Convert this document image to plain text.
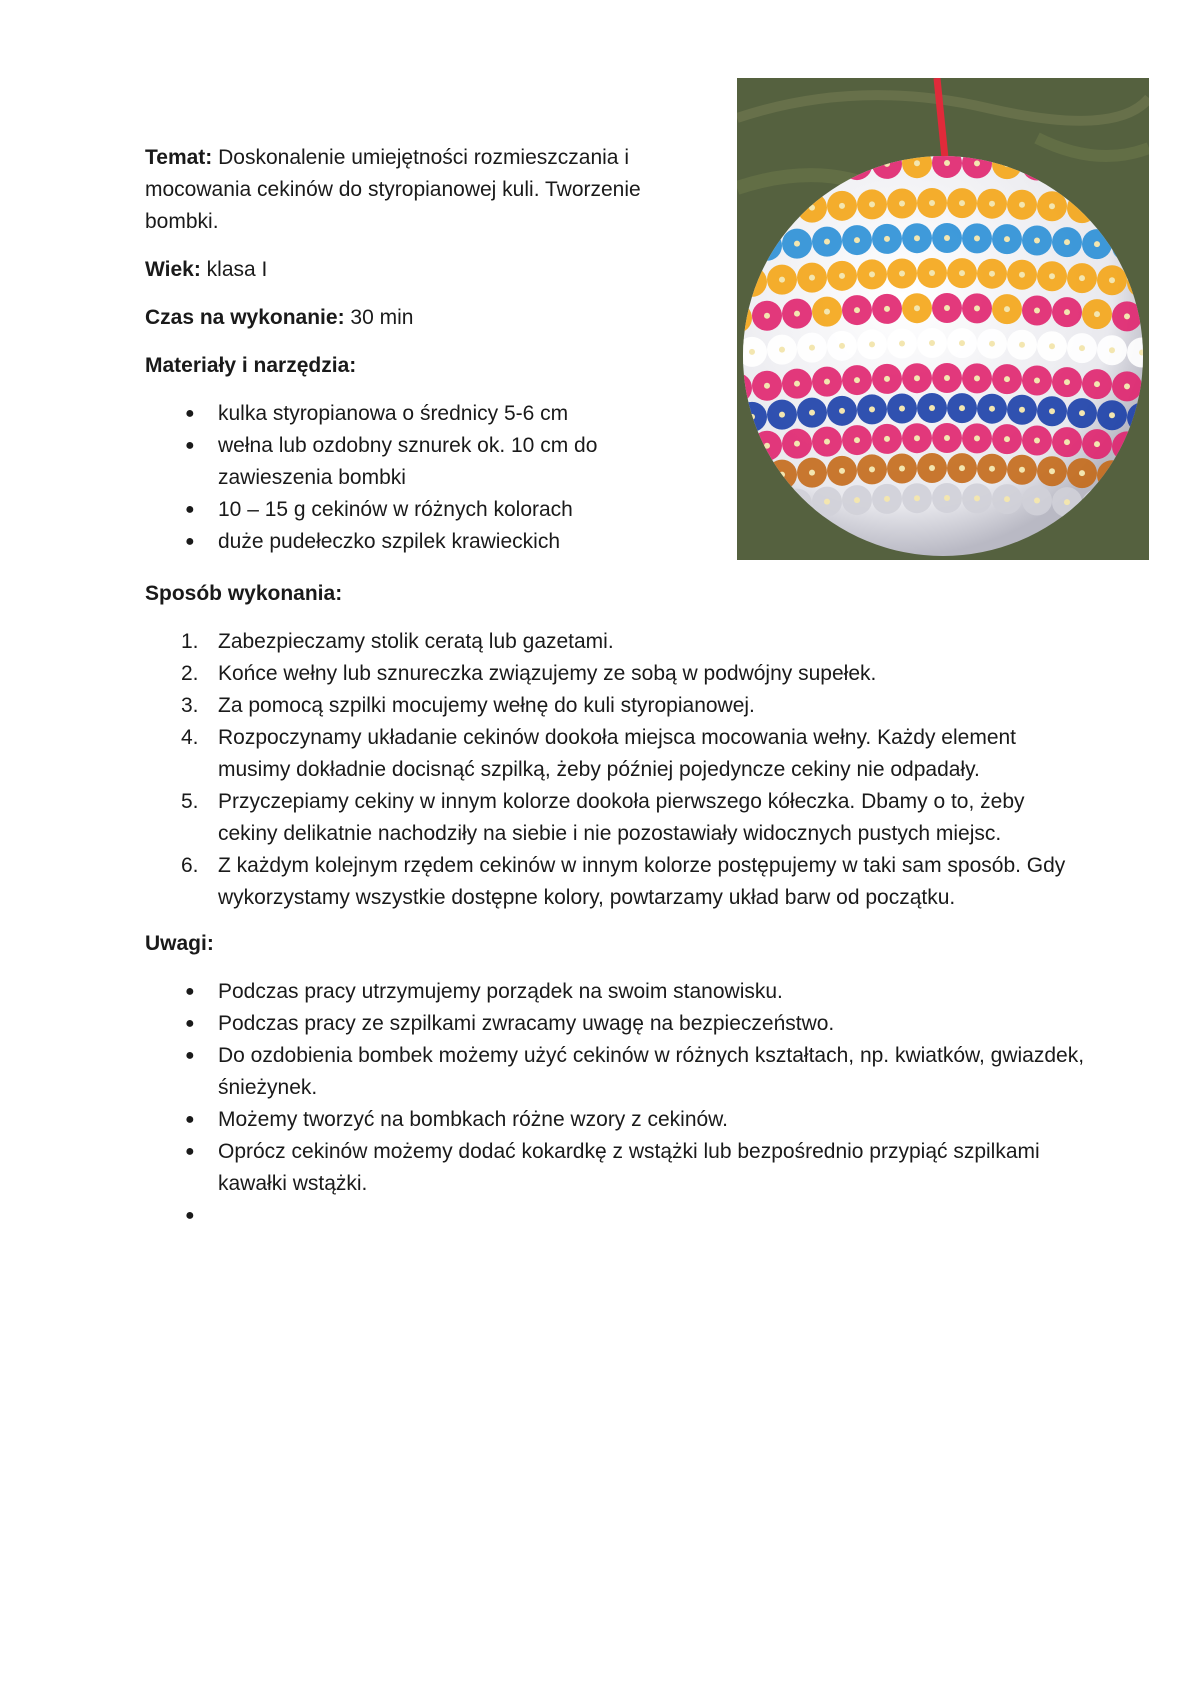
Temat: Doskonalenie umiejętności rozmieszczania i mocowania cekinów do styropianowej kuli. Tworzenie bombki.

Wiek: klasa I

Czas na wykonanie: 30 min

Materiały i narzędzia:

● kulka styropianowa o średnicy 5-6 cm
● wełna lub ozdobny sznurek ok. 10 cm do zawieszenia bombki
● 10 – 15 g cekinów w różnych kolorach
● duże pudełeczko szpilek krawieckich

Sposób wykonania:

1. Zabezpieczamy stolik ceratą lub gazetami.
2. Końce wełny lub sznureczka związujemy ze sobą w podwójny supełek.
3. Za pomocą szpilki mocujemy wełnę do kuli styropianowej.
4. Rozpoczynamy układanie cekinów dookoła miejsca mocowania wełny. Każdy element musimy dokładnie docisnąć szpilką, żeby później pojedyncze cekiny nie odpadały.
5. Przyczepiamy cekiny w innym kolorze dookoła pierwszego kółeczka. Dbamy o to, żeby cekiny delikatnie nachodziły na siebie i nie pozostawiały widocznych pustych miejsc.
6. Z każdym kolejnym rzędem cekinów w innym kolorze postępujemy w taki sam sposób. Gdy wykorzystamy wszystkie dostępne kolory, powtarzamy układ barw od początku.

Uwagi:

● Podczas pracy utrzymujemy porządek na swoim stanowisku.
● Podczas pracy ze szpilkami zwracamy uwagę na bezpieczeństwo.
● Do ozdobienia bombek możemy użyć cekinów w różnych kształtach, np. kwiatków, gwiazdek, śnieżynek.
● Możemy tworzyć na bombkach różne wzory z cekinów.
● Oprócz cekinów możemy dodać kokardkę z wstążki lub bezpośrednio przypiąć szpilkami kawałki wstążki.
●
